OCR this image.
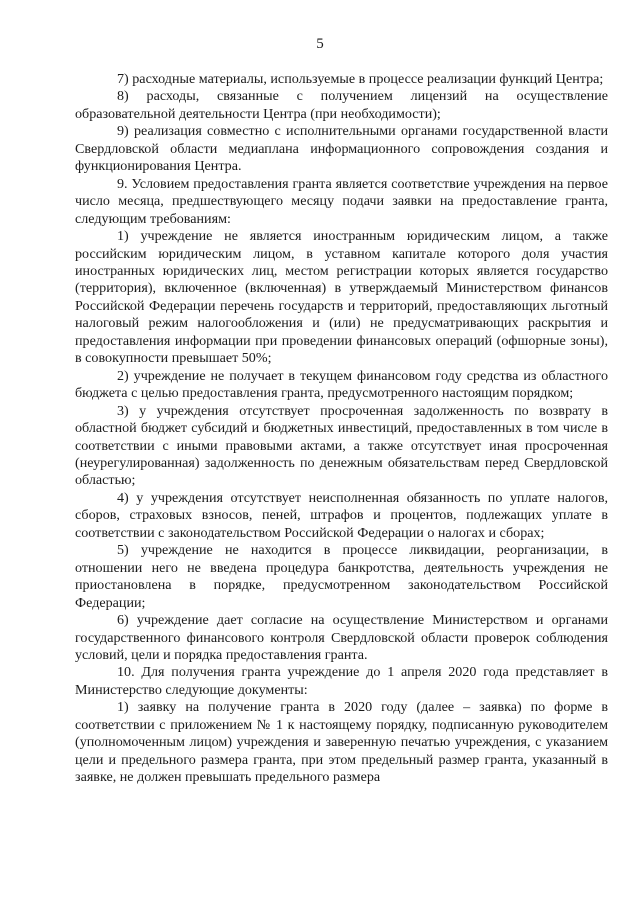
5

7) расходные материалы, используемые в процессе реализации функций Центра;

8) расходы, связанные с получением лицензий на осуществление образовательной деятельности Центра (при необходимости);

9) реализация совместно с исполнительными органами государственной власти Свердловской области медиаплана информационного сопровождения создания и функционирования Центра.

9. Условием предоставления гранта является соответствие учреждения на первое число месяца, предшествующего месяцу подачи заявки на предоставление гранта, следующим требованиям:

1) учреждение не является иностранным юридическим лицом, а также российским юридическим лицом, в уставном капитале которого доля участия иностранных юридических лиц, местом регистрации которых является государство (территория), включенное (включенная) в утверждаемый Министерством финансов Российской Федерации перечень государств и территорий, предоставляющих льготный налоговый режим налогообложения и (или) не предусматривающих раскрытия и предоставления информации при проведении финансовых операций (офшорные зоны), в совокупности превышает 50%;

2) учреждение не получает в текущем финансовом году средства из областного бюджета с целью предоставления гранта, предусмотренного настоящим порядком;

3) у учреждения отсутствует просроченная задолженность по возврату в областной бюджет субсидий и бюджетных инвестиций, предоставленных в том числе в соответствии с иными правовыми актами, а также отсутствует иная просроченная (неурегулированная) задолженность по денежным обязательствам перед Свердловской областью;

4) у учреждения отсутствует неисполненная обязанность по уплате налогов, сборов, страховых взносов, пеней, штрафов и процентов, подлежащих уплате в соответствии с законодательством Российской Федерации о налогах и сборах;

5) учреждение не находится в процессе ликвидации, реорганизации, в отношении него не введена процедура банкротства, деятельность учреждения не приостановлена в порядке, предусмотренном законодательством Российской Федерации;

6) учреждение дает согласие на осуществление Министерством и органами государственного финансового контроля Свердловской области проверок соблюдения условий, цели и порядка предоставления гранта.

10. Для получения гранта учреждение до 1 апреля 2020 года представляет в Министерство следующие документы:

1) заявку на получение гранта в 2020 году (далее – заявка) по форме в соответствии с приложением № 1 к настоящему порядку, подписанную руководителем (уполномоченным лицом) учреждения и заверенную печатью учреждения, с указанием цели и предельного размера гранта, при этом предельный размер гранта, указанный в заявке, не должен превышать предельного размера
